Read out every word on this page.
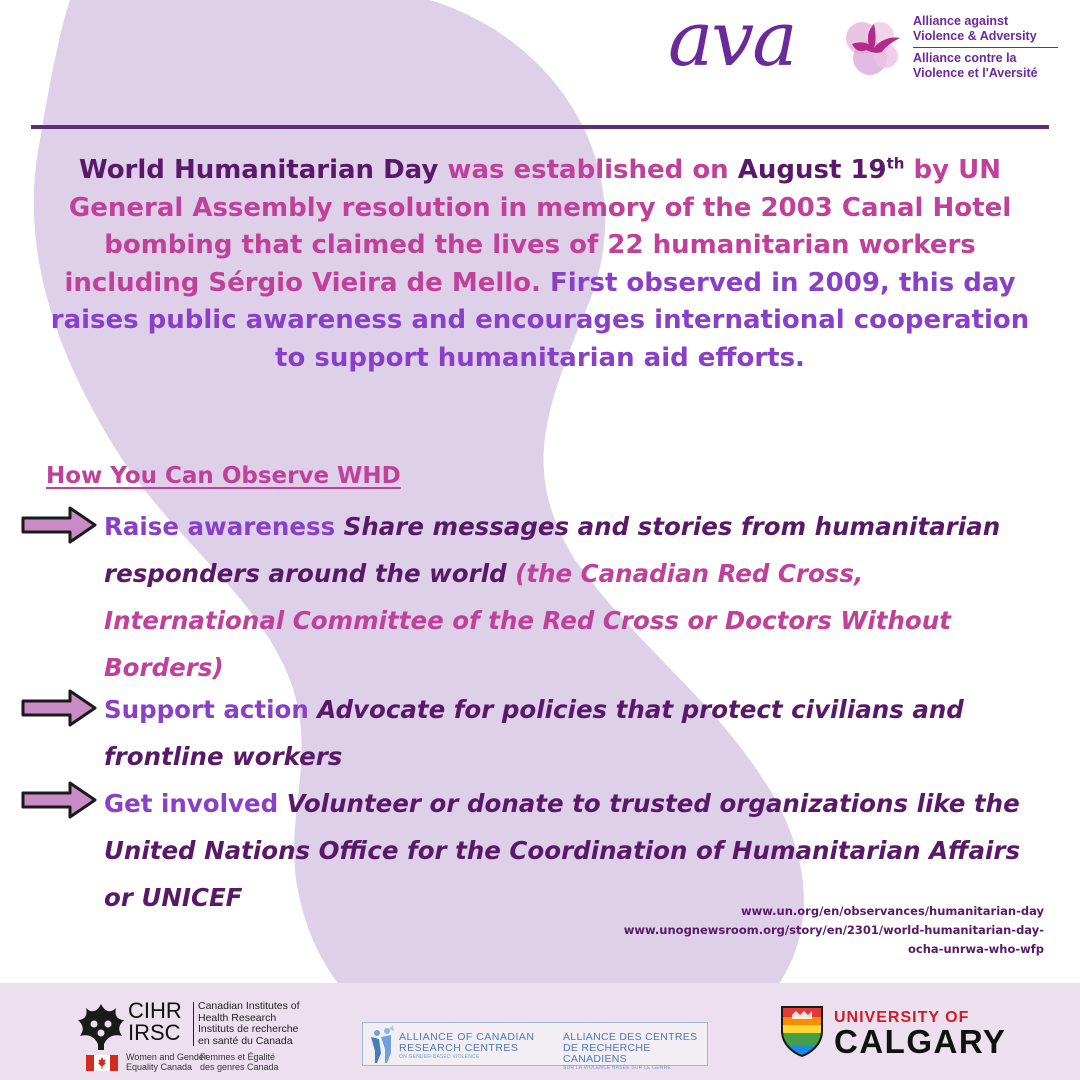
ava	Alliance against
Violence & Adversity
Alliance contre la
Violence et l'Aversité

World Humanitarian Day was established on August 19th by UN General Assembly resolution in memory of the 2003 Canal Hotel bombing that claimed the lives of 22 humanitarian workers including Sérgio Vieira de Mello. First observed in 2009, this day raises public awareness and encourages international cooperation to support humanitarian aid efforts.

How You Can Observe WHD
Raise awareness Share messages and stories from humanitarian responders around the world (the Canadian Red Cross, International Committee of the Red Cross or Doctors Without Borders)
Support action Advocate for policies that protect civilians and frontline workers
Get involved Volunteer or donate to trusted organizations like the United Nations Office for the Coordination of Humanitarian Affairs or UNICEF	www.un.org/en/observances/humanitarian-day
www.unognewsroom.org/story/en/2301/world-humanitarian-day-
ocha-unrwa-who-wfp
CIHR
IRSC
Canadian Institutes of
Health Research
Instituts de recherche
en santé du Canada
Women and Gender
Equality Canada
Femmes et Égalité
des genres Canada
ALLIANCE OF CANADIAN
RESEARCH CENTRES
ON GENDER-BASED VIOLENCE
ALLIANCE DES CENTRES
DE RECHERCHE CANADIENS
SUR LA VIOLENCE BASÉE SUR LE GENRE
UNIVERSITY OF
CALGARY
